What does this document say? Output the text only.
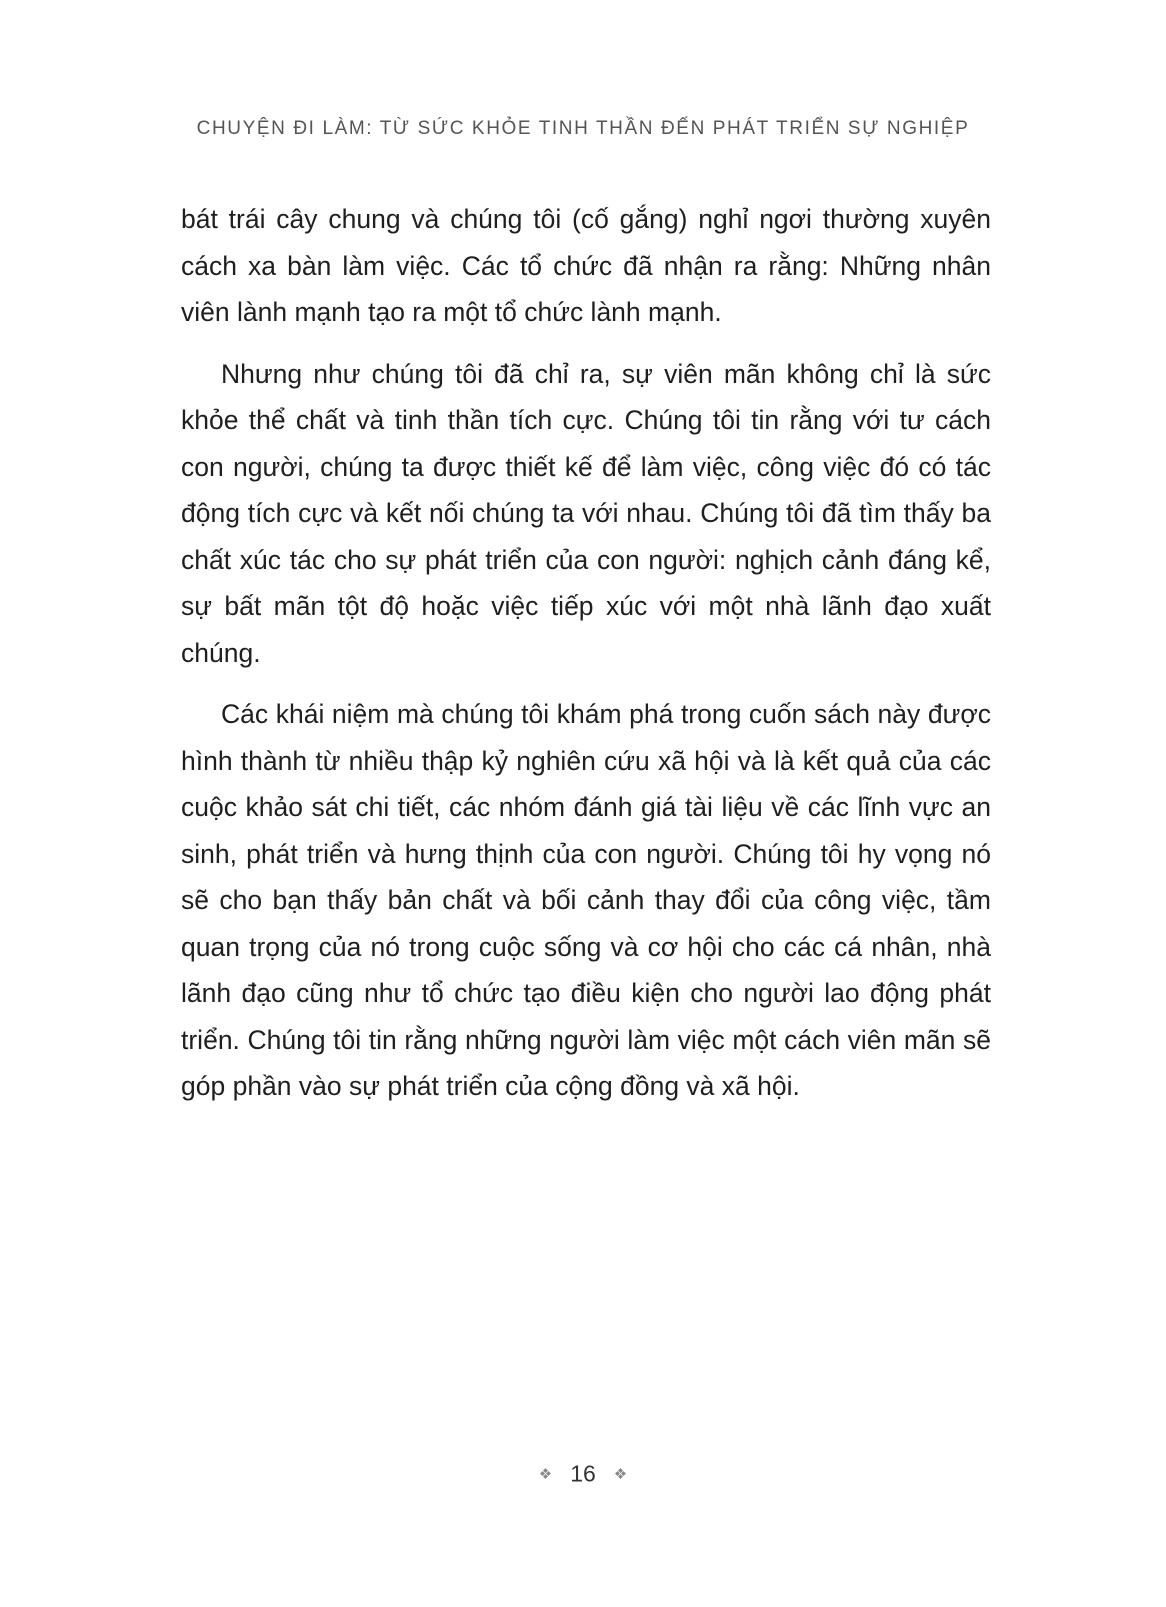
CHUYỆN ĐI LÀM: TỪ SỨC KHỎE TINH THẦN ĐẾN PHÁT TRIỂN SỰ NGHIỆP

bát trái cây chung và chúng tôi (cố gắng) nghỉ ngơi thường xuyên cách xa bàn làm việc. Các tổ chức đã nhận ra rằng: Những nhân viên lành mạnh tạo ra một tổ chức lành mạnh.

Nhưng như chúng tôi đã chỉ ra, sự viên mãn không chỉ là sức khỏe thể chất và tinh thần tích cực. Chúng tôi tin rằng với tư cách con người, chúng ta được thiết kế để làm việc, công việc đó có tác động tích cực và kết nối chúng ta với nhau. Chúng tôi đã tìm thấy ba chất xúc tác cho sự phát triển của con người: nghịch cảnh đáng kể, sự bất mãn tột độ hoặc việc tiếp xúc với một nhà lãnh đạo xuất chúng.

Các khái niệm mà chúng tôi khám phá trong cuốn sách này được hình thành từ nhiều thập kỷ nghiên cứu xã hội và là kết quả của các cuộc khảo sát chi tiết, các nhóm đánh giá tài liệu về các lĩnh vực an sinh, phát triển và hưng thịnh của con người. Chúng tôi hy vọng nó sẽ cho bạn thấy bản chất và bối cảnh thay đổi của công việc, tầm quan trọng của nó trong cuộc sống và cơ hội cho các cá nhân, nhà lãnh đạo cũng như tổ chức tạo điều kiện cho người lao động phát triển. Chúng tôi tin rằng những người làm việc một cách viên mãn sẽ góp phần vào sự phát triển của cộng đồng và xã hội.

❖ 16 ❖
